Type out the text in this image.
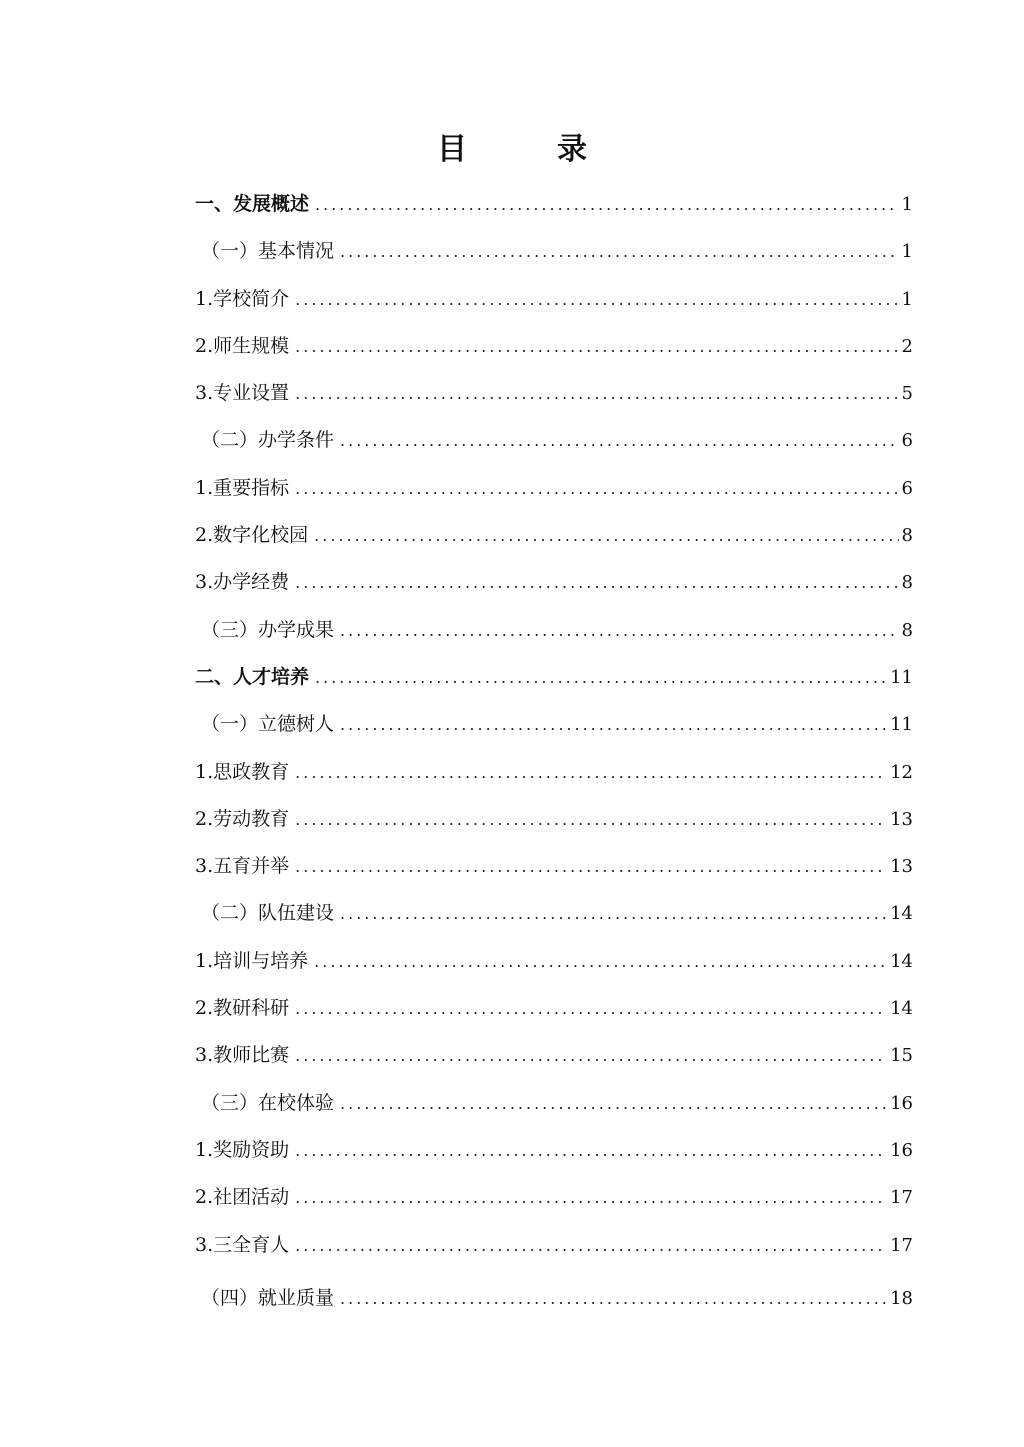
目　录
一、发展概述 .....	1
（一）基本情况 .....	1
1.学校简介 .....	1
2.师生规模 .....	2
3.专业设置 .....	5
（二）办学条件 .....	6
1.重要指标 .....	6
2.数字化校园 .....	8
3.办学经费 .....	8
（三）办学成果 .....	8
二、人才培养 .....	11
（一）立德树人 .....	11
1.思政教育 .....	12
2.劳动教育 .....	13
3.五育并举 .....	13
（二）队伍建设 .....	14
1.培训与培养 .....	14
2.教研科研 .....	14
3.教师比赛 .....	15
（三）在校体验 .....	16
1.奖励资助 .....	16
2.社团活动 .....	17
3.三全育人 .....	17
（四）就业质量 .....	18
